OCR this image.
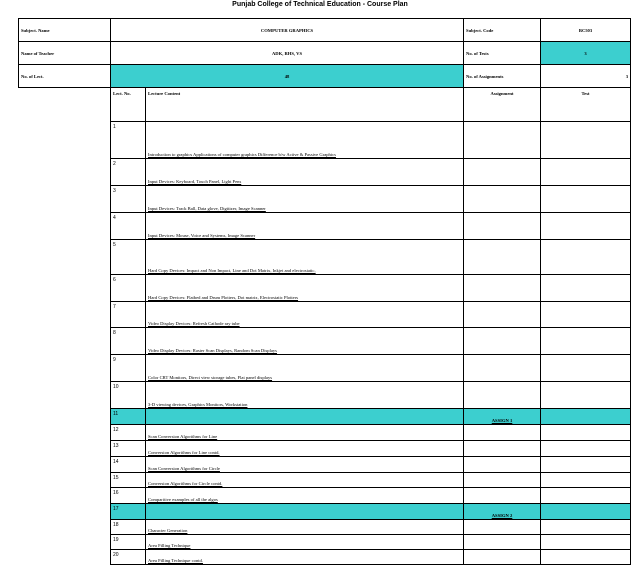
Punjab College of Technical Education - Course Plan
Subject. Name	COMPUTER GRAPHICS		Subject. Code	BC503
Name of Teacher	ADK, RHS, VS		No. of Tests	3
No. of Lect.	48		No. of Assignments	3
	Lect. No.	Lecture Content	Assignment	Test
	1	Introduction to graphics Applications of computer graphics Difference b/w Active & Passive Graphics		
	2	Input Devices: Keyboard, Touch Panel, Light Pens		
	3	Input Devices: Track Ball, Data glove, Digitizer, Image Scanner		
	4	Input Devices: Mouse, Voice and Systems, Image Scanner		
	5	Hard Copy Devices: Impact and Non Impact, Line and Dot Matrix, Inkjet and electrostatic,		
	6	Hard Copy Devices: Flatbed and Drum Plotters, Dot matrix, Electrostatic Plotters		
	7	Video Display Devices: Refresh Cathode ray tube		
	8	Video Display Devices: Raster Scan Displays, Random Scan Displays		
	9	Color CRT Monitors, Direct view storage tubes, Flat panel displays		
	10	3-D viewing devices, Graphics Monitors, Workstation		
	11		ASSIGN 1	
	12	Scan Conversion Algorithms for Line		
	13	Conversion Algorithms for Line contd.		
	14	Scan Conversion Algorithms for Circle		
	15	Conversion Algorithms for Circle contd.		
	16	Comparitive examples of all the algos		
	17		ASSIGN 2	
	18	Character Generation		
	19	Area Filling Technique		
	20	Area Filling Technique contd.		
